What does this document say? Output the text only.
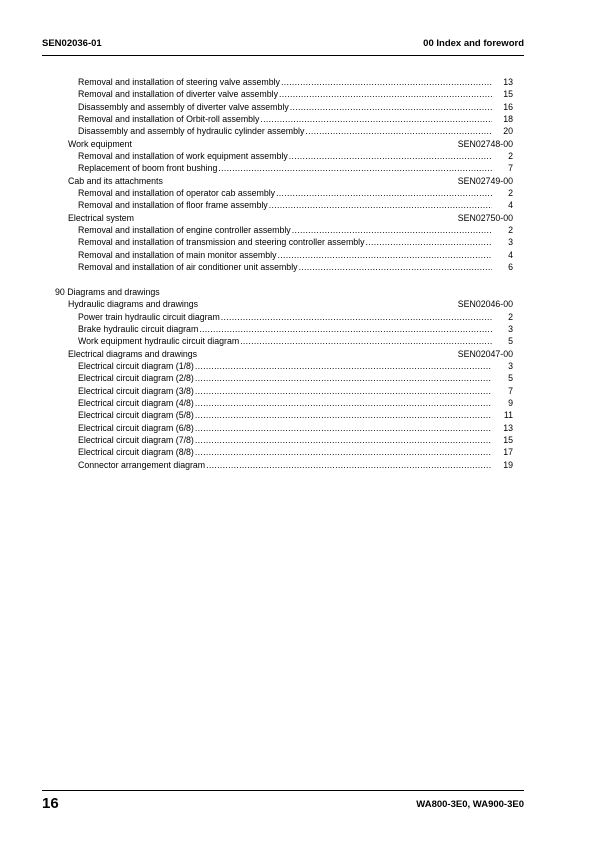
SEN02036-01	00 Index and foreword
Removal and installation of steering valve assembly .....	13
Removal and installation of diverter valve assembly .....	15
Disassembly and assembly of diverter valve assembly .....	16
Removal and installation of Orbit-roll assembly .....	18
Disassembly and assembly of hydraulic cylinder assembly .....	20
Work equipment	SEN02748-00
Removal and installation of work equipment assembly .....	2
Replacement of boom front bushing .....	7
Cab and its attachments	SEN02749-00
Removal and installation of operator cab assembly .....	2
Removal and installation of floor frame assembly .....	4
Electrical system	SEN02750-00
Removal and installation of engine controller assembly .....	2
Removal and installation of transmission and steering controller assembly .....	3
Removal and installation of main monitor assembly .....	4
Removal and installation of air conditioner unit assembly .....	6
90 Diagrams and drawings
Hydraulic diagrams and drawings	SEN02046-00
Power train hydraulic circuit diagram .....	2
Brake hydraulic circuit diagram .....	3
Work equipment hydraulic circuit diagram .....	5
Electrical diagrams and drawings	SEN02047-00
Electrical circuit diagram (1/8) .....	3
Electrical circuit diagram (2/8) .....	5
Electrical circuit diagram (3/8) .....	7
Electrical circuit diagram (4/8) .....	9
Electrical circuit diagram (5/8) .....	11
Electrical circuit diagram (6/8) .....	13
Electrical circuit diagram (7/8) .....	15
Electrical circuit diagram (8/8) .....	17
Connector arrangement diagram .....	19
16	WA800-3E0, WA900-3E0
